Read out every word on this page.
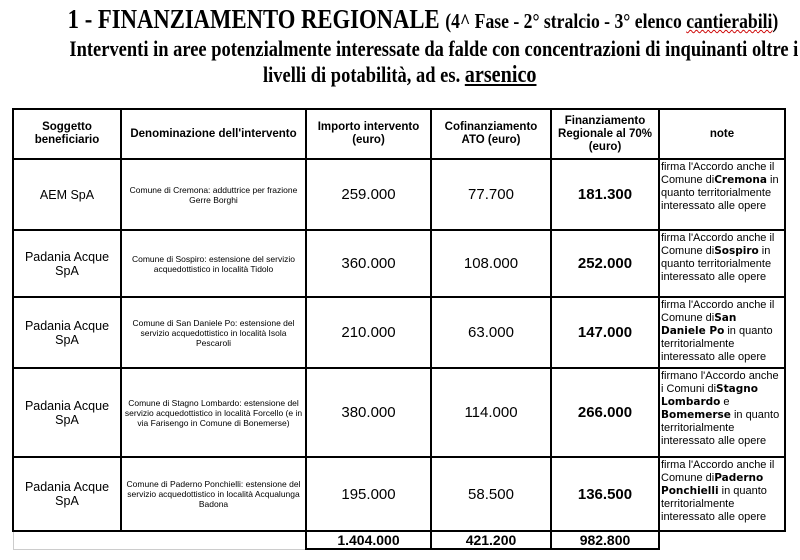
1 - FINANZIAMENTO REGIONALE (4^ Fase - 2° stralcio - 3° elenco cantierabili)
Interventi in aree potenzialmente interessate da falde con concentrazioni di inquinanti oltre i
livelli di potabilità, ad es. arsenico
Soggetto beneficiario	Denominazione dell'intervento	Importo intervento (euro)	Cofinanziamento ATO (euro)	Finanziamento Regionale al 70% (euro)	note
AEM SpA	Comune di Cremona: adduttrice per frazione Gerre Borghi	259.000	77.700	181.300	firma l'Accordo anche il Comune diCremona in quanto territorialmente interessato alle opere
Padania Acque SpA	Comune di Sospiro: estensione del servizio acquedottistico in località Tidolo	360.000	108.000	252.000	firma l'Accordo anche il Comune diSospiro in quanto territorialmente interessato alle opere
Padania Acque SpA	Comune di San Daniele Po: estensione del servizio acquedottistico in località Isola Pescaroli	210.000	63.000	147.000	firma l'Accordo anche il Comune diSan Daniele Po in quanto territorialmente interessato alle opere
Padania Acque SpA	Comune di Stagno Lombardo: estensione del servizio acquedottistico in località Forcello (e in via Farisengo in Comune di Bonemerse)	380.000	114.000	266.000	firmano l'Accordo anche i Comuni diStagno Lombardo e Bomemerse in quanto territorialmente interessato alle opere
Padania Acque SpA	Comune di Paderno Ponchielli: estensione del servizio acquedottistico in località Acqualunga Badona	195.000	58.500	136.500	firma l'Accordo anche il Comune diPaderno Ponchielli in quanto territorialmente interessato alle opere
		1.404.000	421.200	982.800	
